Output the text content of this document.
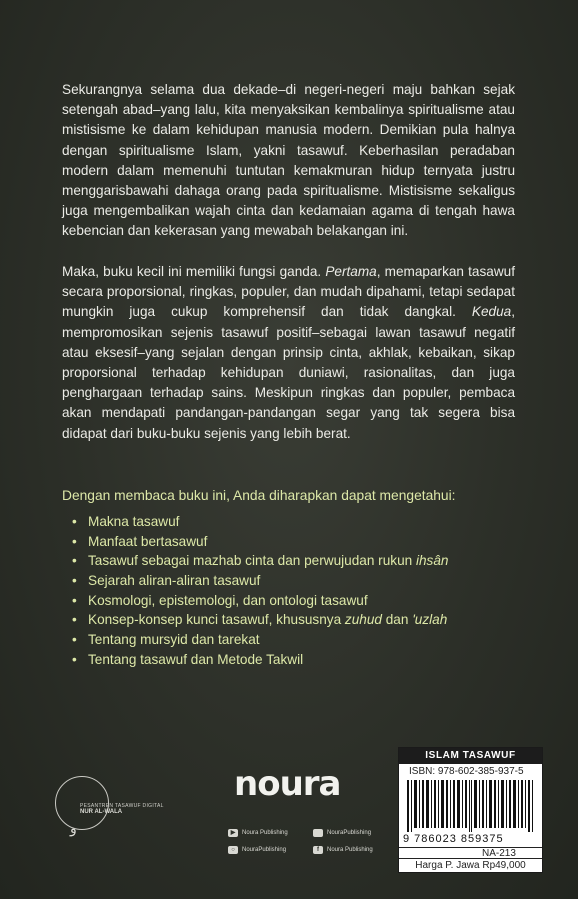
Sekurangnya selama dua dekade–di negeri-negeri maju bahkan sejak setengah abad–yang lalu, kita menyaksikan kembalinya spiritualisme atau mistisisme ke dalam kehidupan manusia modern. Demikian pula halnya dengan spiritualisme Islam, yakni tasawuf. Keberhasilan peradaban modern dalam memenuhi tuntutan kemakmuran hidup ternyata justru menggarisbawahi dahaga orang pada spiritualisme. Mistisisme sekaligus juga mengembalikan wajah cinta dan kedamaian agama di tengah hawa kebencian dan kekerasan yang mewabah belakangan ini.
Maka, buku kecil ini memiliki fungsi ganda. Pertama, memaparkan tasawuf secara proporsional, ringkas, populer, dan mudah dipahami, tetapi sedapat mungkin juga cukup komprehensif dan tidak dangkal. Kedua, mempromosikan sejenis tasawuf positif–sebagai lawan tasawuf negatif atau eksesif–yang sejalan dengan prinsip cinta, akhlak, kebaikan, sikap proporsional terhadap kehidupan duniawi, rasionalitas, dan juga penghargaan terhadap sains. Meskipun ringkas dan populer, pembaca akan mendapati pandangan-pandangan segar yang tak segera bisa didapat dari buku-buku sejenis yang lebih berat.
Dengan membaca buku ini, Anda diharapkan dapat mengetahui:
• Makna tasawuf
• Manfaat bertasawuf
• Tasawuf sebagai mazhab cinta dan perwujudan rukun ihsân
• Sejarah aliran-aliran tasawuf
• Kosmologi, epistemologi, dan ontologi tasawuf
• Konsep-konsep kunci tasawuf, khususnya zuhud dan 'uzlah
• Tentang mursyid dan tarekat
• Tentang tasawuf dan Metode Takwil
PESANTREN TASAWUF DIGITAL
NUR AL-WALA
و
noura
▶	Noura Publishing	NouraPublishing
○	NouraPublishing	f	Noura Publishing
ISLAM TASAWUF
ISBN: 978-602-385-937-5
9 786023 859375
NA-213
Harga P. Jawa Rp49,000
